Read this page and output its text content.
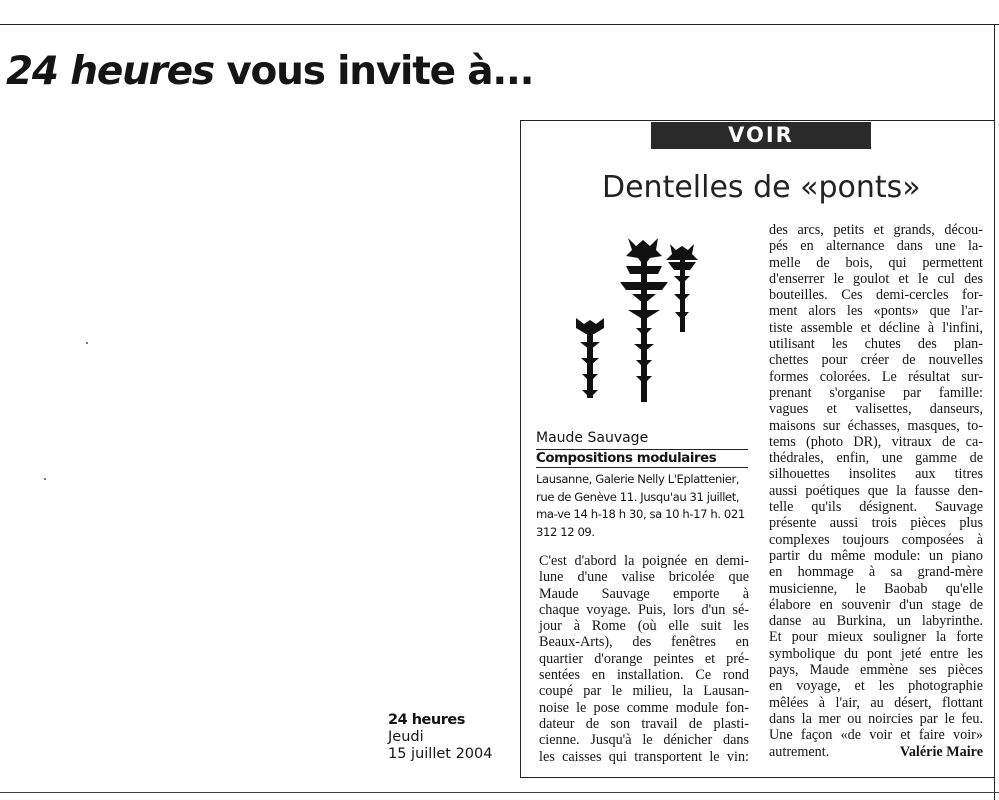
24 heures vous invite à...
VOIR
Dentelles de «ponts»
Maude Sauvage
Compositions modulaires
Lausanne, Galerie Nelly L'Eplattenier,
rue de Genève 11. Jusqu'au 31 juillet,
ma-ve 14 h-18 h 30, sa 10 h-17 h. 021
312 12 09.
C'est d'abord la poignée en demi-
lune d'une valise bricolée que
Maude Sauvage emporte à
chaque voyage. Puis, lors d'un sé-
jour à Rome (où elle suit les
Beaux-Arts), des fenêtres en
quartier d'orange peintes et pré-
sentées en installation. Ce rond
coupé par le milieu, la Lausan-
noise le pose comme module fon-
dateur de son travail de plasti-
cienne. Jusqu'à le dénicher dans
les caisses qui transportent le vin:
des arcs, petits et grands, décou-
pés en alternance dans une la-
melle de bois, qui permettent
d'enserrer le goulot et le cul des
bouteilles. Ces demi-cercles for-
ment alors les «ponts» que l'ar-
tiste assemble et décline à l'infini,
utilisant les chutes des plan-
chettes pour créer de nouvelles
formes colorées. Le résultat sur-
prenant s'organise par famille:
vagues et valisettes, danseurs,
maisons sur échasses, masques, to-
tems (photo DR), vitraux de ca-
thédrales, enfin, une gamme de
silhouettes insolites aux titres
aussi poétiques que la fausse den-
telle qu'ils désignent. Sauvage
présente aussi trois pièces plus
complexes toujours composées à
partir du même module: un piano
en hommage à sa grand-mère
musicienne, le Baobab qu'elle
élabore en souvenir d'un stage de
danse au Burkina, un labyrinthe.
Et pour mieux souligner la forte
symbolique du pont jeté entre les
pays, Maude emmène ses pièces
en voyage, et les photographie
mêlées à l'air, au désert, flottant
dans la mer ou noircies par le feu.
Une façon «de voir et faire voir»
autrement.	Valérie Maire
24 heures
Jeudi
15 juillet 2004
